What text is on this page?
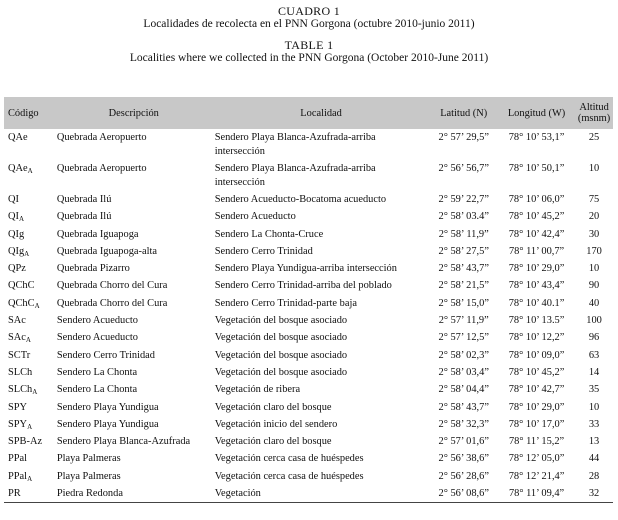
CUADRO 1
Localidades de recolecta en el PNN Gorgona (octubre 2010-junio 2011)
TABLE 1
Localities where we collected in the PNN Gorgona (October 2010-June 2011)
Código	Descripción	Localidad	Latitud (N)	Longitud (W)	Altitud
(msnm)

QAe	Quebrada Aeropuerto	Sendero Playa Blanca-Azufrada-arriba intersección	2° 57’ 29,5”	78° 10’ 53,1”	25
QAe$_A$	Quebrada Aeropuerto	Sendero Playa Blanca-Azufrada-arriba intersección	2° 56’ 56,7”	78° 10’ 50,1”	10
QI	Quebrada Ilú	Sendero Acueducto-Bocatoma acueducto	2° 59’ 22,7”	78° 10’ 06,0”	75
$QI_A$	Quebrada Ilú	Sendero Acueducto	2° 58’ 03.4”	78° 10’ 45,2”	20
QIg	Quebrada Iguapoga	Sendero La Chonta-Cruce	2° 58’ 11,9”	78° 10’ 42,4”	30
QIg$_A$	Quebrada Iguapoga-alta	Sendero Cerro Trinidad	2° 58’ 27,5”	78° 11’ 00,7”	170
QPz	Quebrada Pizarro	Sendero Playa Yundigua-arriba intersección	2° 58’ 43,7”	78° 10’ 29,0”	10
QChC	Quebrada Chorro del Cura	Sendero Cerro Trinidad-arriba del poblado	2° 58’ 21,5”	78° 10’ 43,4”	90
QChC$_A$	Quebrada Chorro del Cura	Sendero Cerro Trinidad-parte baja	2° 58’ 15,0”	78° 10’ 40.1”	40
SAc	Sendero Acueducto	Vegetación del bosque asociado	2° 57’ 11,9”	78° 10’ 13.5”	100
SAc$_A$	Sendero Acueducto	Vegetación del bosque asociado	2° 57’ 12,5”	78° 10’ 12,2”	96
SCTr	Sendero Cerro Trinidad	Vegetación del bosque asociado	2° 58’ 02,3”	78° 10’ 09,0”	63
SLCh	Sendero La Chonta	Vegetación del bosque asociado	2° 58’ 03,4”	78° 10’ 45,2”	14
SLCh$_A$	Sendero La Chonta	Vegetación de ribera	2° 58’ 04,4”	78° 10’ 42,7”	35
SPY	Sendero Playa Yundigua	Vegetación claro del bosque	2° 58’ 43,7”	78° 10’ 29,0”	10
$SPY_A$	Sendero Playa Yundigua	Vegetación inicio del sendero	2° 58’ 32,3”	78° 10’ 17,0”	33
SPB-Az	Sendero Playa Blanca-Azufrada	Vegetación claro del bosque	2° 57’ 01,6”	78° 11’ 15,2”	13
PPal	Playa Palmeras	Vegetación cerca casa de huéspedes	2° 56’ 38,6”	78° 12’ 05,0”	44
PPal$_A$	Playa Palmeras	Vegetación cerca casa de huéspedes	2° 56’ 28,6”	78° 12’ 21,4”	28
PR	Piedra Redonda	Vegetación	2° 56’ 08,6”	78° 11’ 09,4”	32
